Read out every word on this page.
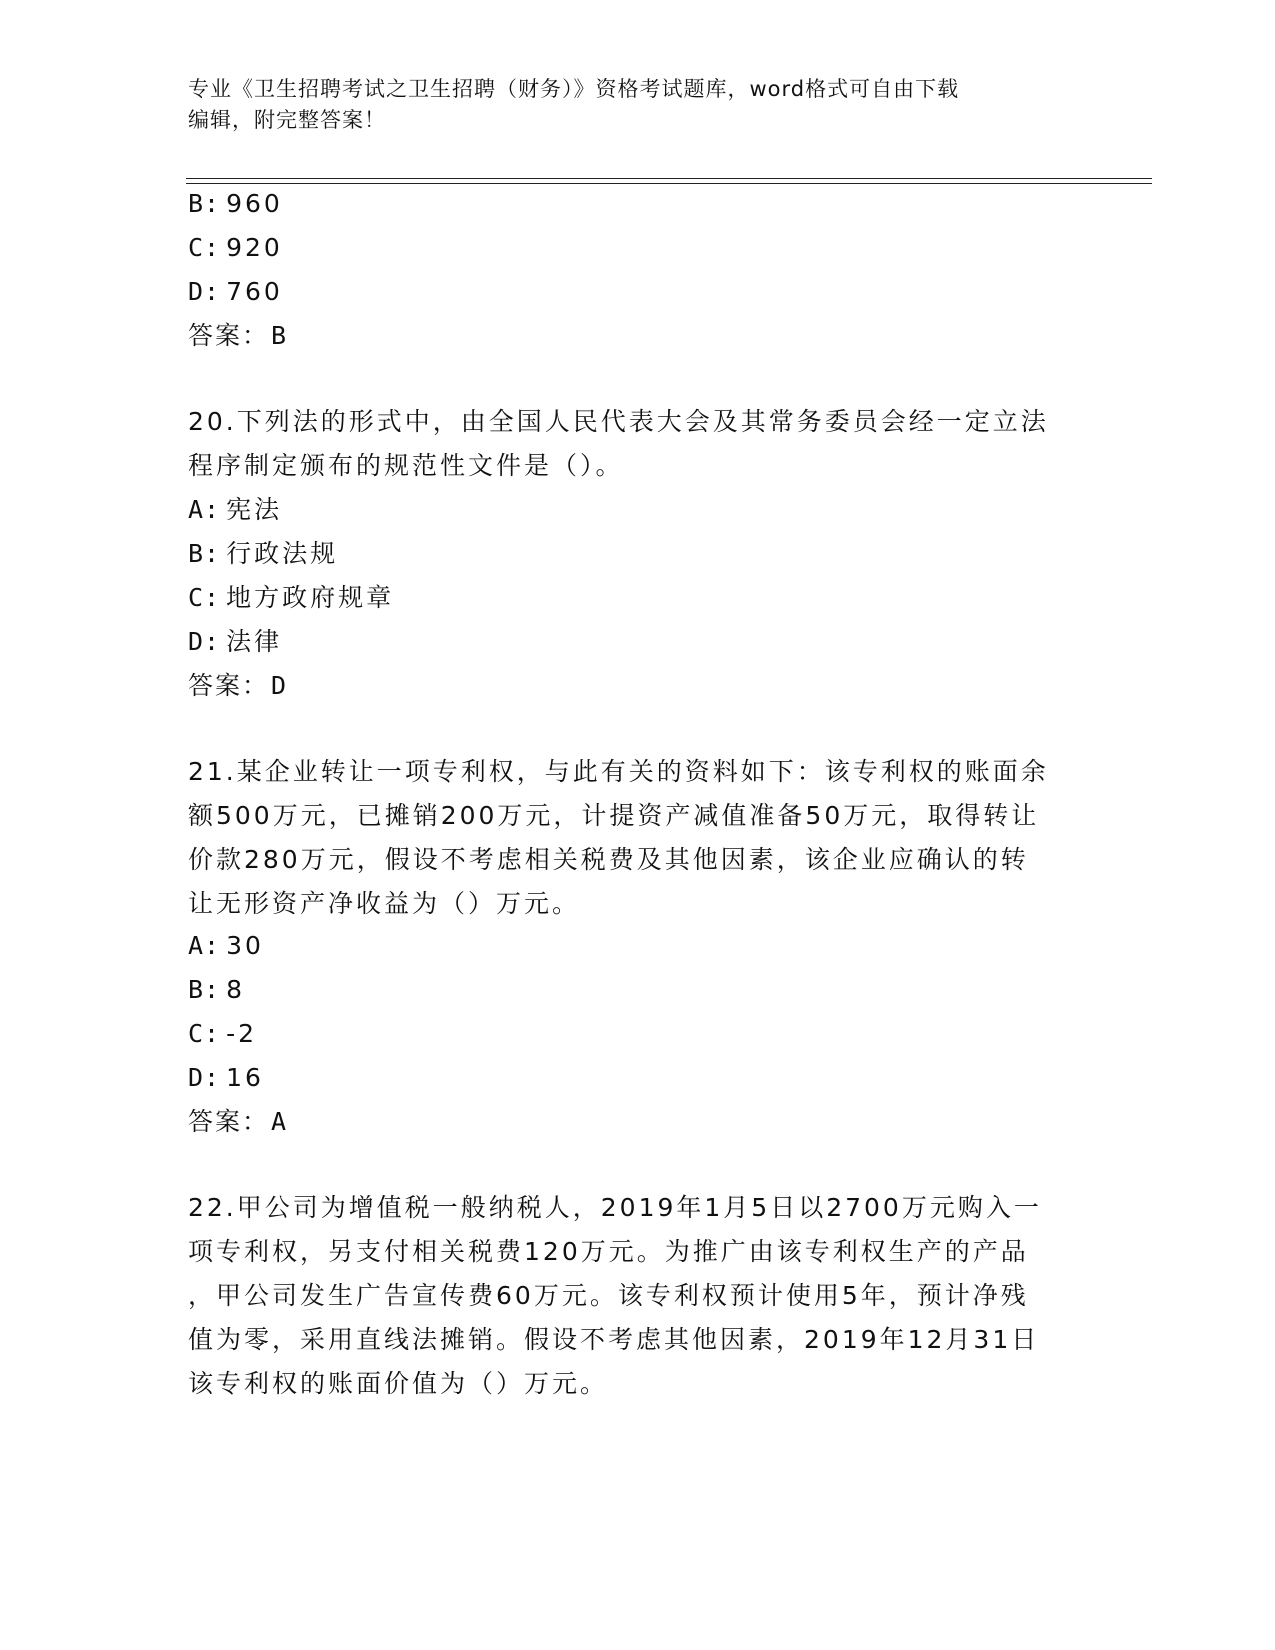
专业《卫生招聘考试之卫生招聘（财务）》资格考试题库，word格式可自由下载
编辑，附完整答案！
B: 960
C: 920
D: 760
答案：B
20.下列法的形式中，由全国人民代表大会及其常务委员会经一定立法
程序制定颁布的规范性文件是（）。
A: 宪法
B: 行政法规
C: 地方政府规章
D: 法律
答案：D
21.某企业转让一项专利权，与此有关的资料如下：该专利权的账面余
额500万元，已摊销200万元，计提资产减值准备50万元，取得转让
价款280万元，假设不考虑相关税费及其他因素，该企业应确认的转
让无形资产净收益为（）万元。
A: 30
B: 8
C: -2
D: 16
答案：A
22.甲公司为增值税一般纳税人，2019年1月5日以2700万元购入一
项专利权，另支付相关税费120万元。为推广由该专利权生产的产品
，甲公司发生广告宣传费60万元。该专利权预计使用5年，预计净残
值为零，采用直线法摊销。假设不考虑其他因素，2019年12月31日
该专利权的账面价值为（）万元。
